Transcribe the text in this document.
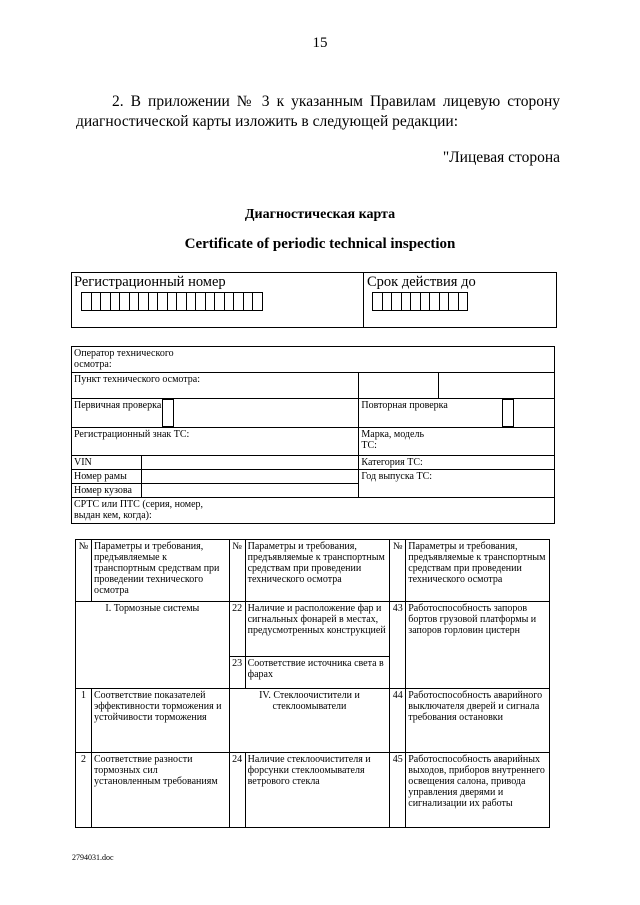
15
2. В приложении № 3 к указанным Правилам лицевую сторону
диагностической карты изложить в следующей редакции:
"Лицевая сторона
Диагностическая карта
Certificate of periodic technical inspection
Регистрационный номер	Срок действия до
Оператор технического осмотра:			
Пункт технического осмотра:			
Первичная проверка		Повторная проверка	
Регистрационный знак ТС:		Марка, модель ТС:	
VIN		Категория ТС:	
Номер рамы		Год выпуска ТС:	
Номер кузова			
СРТС или ПТС (серия, номер, выдан кем, когда):			
№	Параметры и требования, предъявляемые к транспортным средствам при проведении технического осмотра	№	Параметры и требования, предъявляемые к транспортным средствам при проведении технического осмотра	№	Параметры и требования, предъявляемые к транспортным средствам при проведении технического осмотра
I. Тормозные системы		22	Наличие и расположение фар и сигнальных фонарей в местах, предусмотренных конструкцией	43	Работоспособность запоров бортов грузовой платформы и запоров горловин цистерн
		23	Соответствие источника света в фарах		
1	Соответствие показателей эффективности торможения и устойчивости торможения	IV. Стеклоочистители и стеклоомыватели		44	Работоспособность аварийного выключателя дверей и сигнала требования остановки
2	Соответствие разности тормозных сил установленным требованиям	24	Наличие стеклоочистителя и форсунки стеклоомывателя ветрового стекла	45	Работоспособность аварийных выходов, приборов внутреннего освещения салона, привода управления дверями и сигнализации их работы
2794031.doc
